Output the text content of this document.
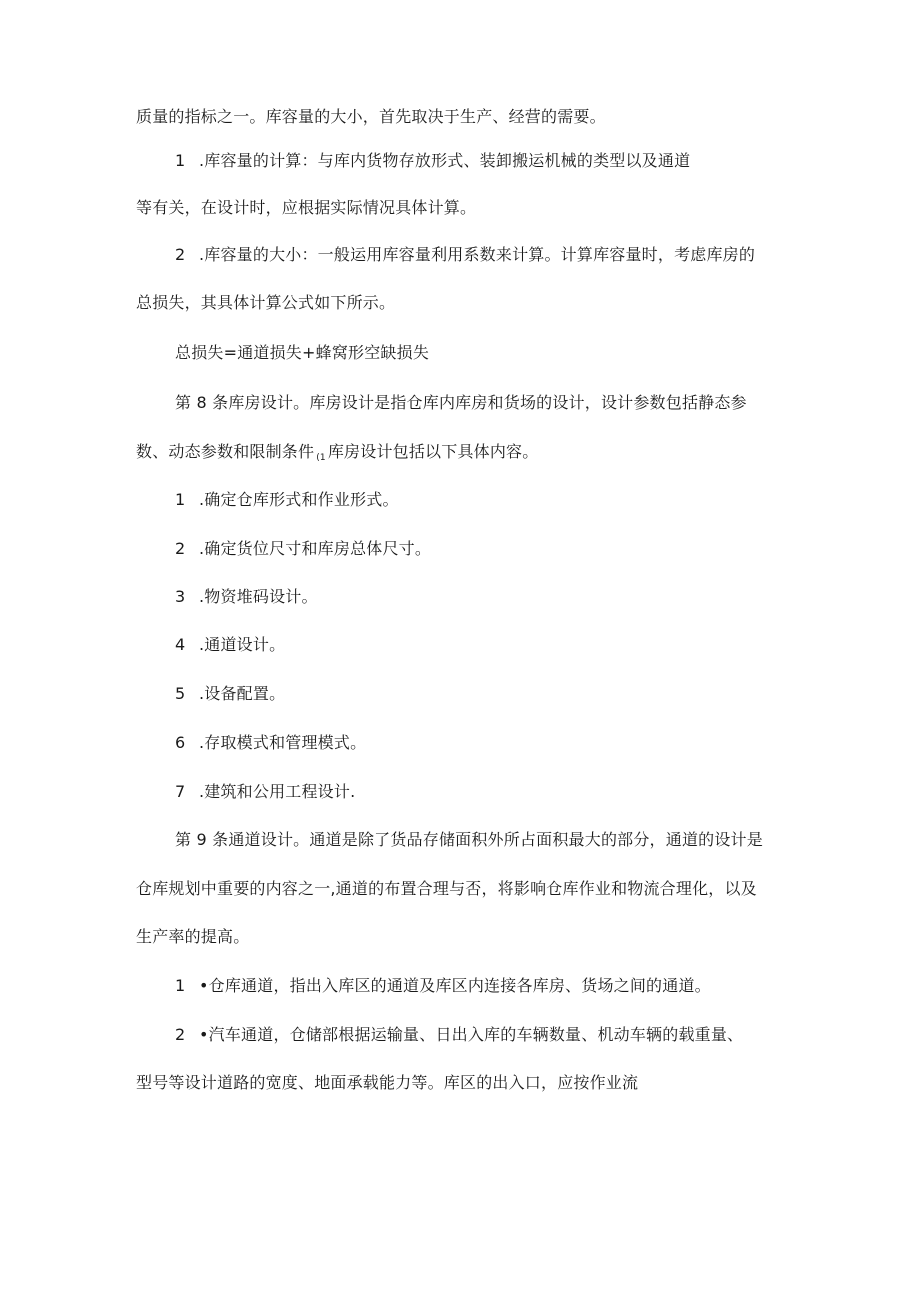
质量的指标之一。库容量的大小，首先取决于生产、经营的需要。
1 .库容量的计算：与库内货物存放形式、装卸搬运机械的类型以及通道
等有关，在设计时，应根据实际情况具体计算。
2 .库容量的大小：一般运用库容量利用系数来计算。计算库容量时，考虑库房的
总损失，其具体计算公式如下所示。
总损失=通道损失+蜂窝形空缺损失
第 8 条库房设计。库房设计是指仓库内库房和货场的设计，设计参数包括静态参
数、动态参数和限制条件 $_{(1}$ 库房设计包括以下具体内容。
1 .确定仓库形式和作业形式。
2 .确定货位尺寸和库房总体尺寸。
3 .物资堆码设计。
4 .通道设计。
5 .设备配置。
6 .存取模式和管理模式。
7 .建筑和公用工程设计.
第 9 条通道设计。通道是除了货品存储面积外所占面积最大的部分，通道的设计是
仓库规划中重要的内容之一,通道的布置合理与否，将影响仓库作业和物流合理化，以及
生产率的提高。
1 •仓库通道，指出入库区的通道及库区内连接各库房、货场之间的通道。
2 •汽车通道，仓储部根据运输量、日出入库的车辆数量、机动车辆的载重量、
型号等设计道路的宽度、地面承载能力等。库区的出入口，应按作业流
